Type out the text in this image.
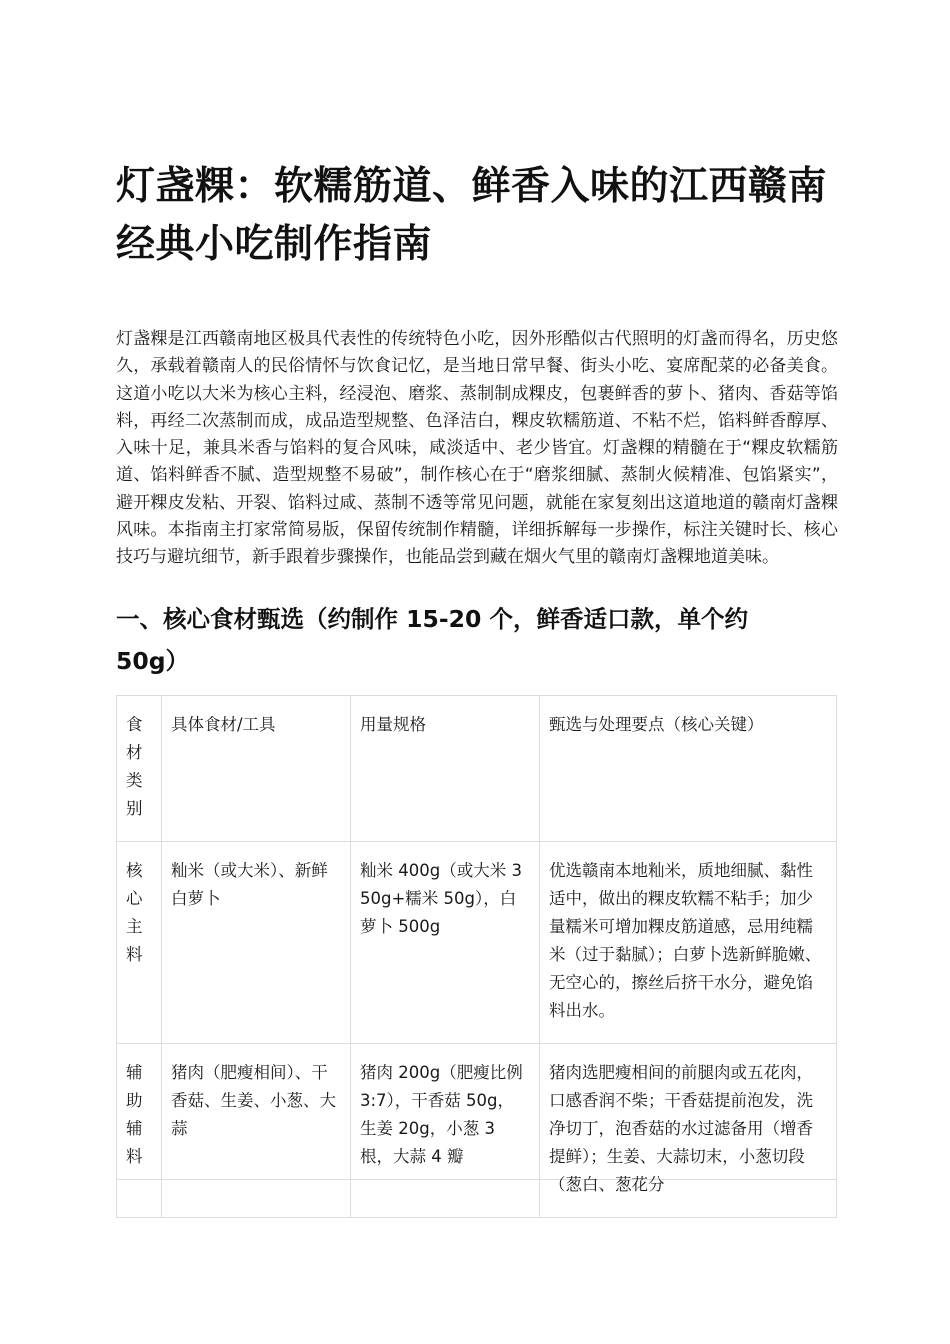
灯盏粿：软糯筋道、鲜香入味的江西赣南经典小吃制作指南

灯盏粿是江西赣南地区极具代表性的传统特色小吃，因外形酷似古代照明的灯盏而得名，历史悠久，承载着赣南人的民俗情怀与饮食记忆，是当地日常早餐、街头小吃、宴席配菜的必备美食。这道小吃以大米为核心主料，经浸泡、磨浆、蒸制制成粿皮，包裹鲜香的萝卜、猪肉、香菇等馅料，再经二次蒸制而成，成品造型规整、色泽洁白，粿皮软糯筋道、不粘不烂，馅料鲜香醇厚、入味十足，兼具米香与馅料的复合风味，咸淡适中、老少皆宜。灯盏粿的精髓在于“粿皮软糯筋道、馅料鲜香不腻、造型规整不易破”，制作核心在于“磨浆细腻、蒸制火候精准、包馅紧实”，避开粿皮发粘、开裂、馅料过咸、蒸制不透等常见问题，就能在家复刻出这道地道的赣南灯盏粿风味。本指南主打家常简易版，保留传统制作精髓，详细拆解每一步操作，标注关键时长、核心技巧与避坑细节，新手跟着步骤操作，也能品尝到藏在烟火气里的赣南灯盏粿地道美味。

一、核心食材甄选（约制作 15-20 个，鲜香适口款，单个约 50g）
食材类别	具体食材/工具	用量规格	甄选与处理要点（核心关键）
核心主料	籼米（或大米）、新鲜白萝卜	籼米 400g（或大米 350g+糯米 50g），白萝卜 500g	优选赣南本地籼米，质地细腻、黏性适中，做出的粿皮软糯不粘手；加少量糯米可增加粿皮筋道感，忌用纯糯米（过于黏腻）；白萝卜选新鲜脆嫩、无空心的，擦丝后挤干水分，避免馅料出水。
辅助辅料	猪肉（肥瘦相间）、干香菇、生姜、小葱、大蒜	猪肉 200g（肥瘦比例 3:7），干香菇 50g，生姜 20g，小葱 3 根，大蒜 4 瓣	猪肉选肥瘦相间的前腿肉或五花肉，口感香润不柴；干香菇提前泡发，洗净切丁，泡香菇的水过滤备用（增香提鲜）；生姜、大蒜切末，小葱切段（葱白、葱花分
